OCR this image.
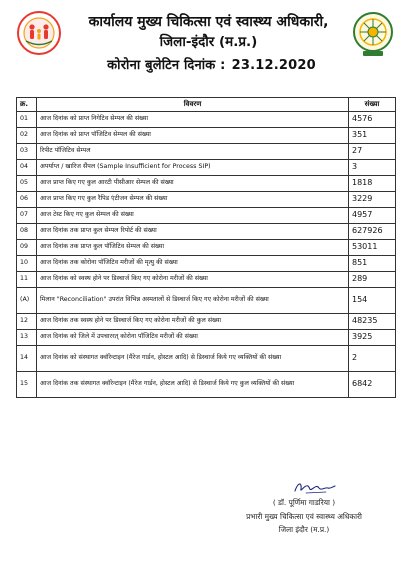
कार्यालय मुख्य चिकित्सा एवं स्वास्थ्य अधिकारी,
जिला-इंदौर (म.प्र.)
कोरोना बुलेटिन दिनांक : 23.12.2020
क्र.	विवरण	संख्या
01	आज दिनांक को प्राप्त निगेटिव सेम्पल की संख्या	4576
02	आज दिनांक को प्राप्त पॉजिटिव सेम्पल की संख्या	351
03	रिपीट पॉजिटिव सेम्पल	27
04	अपर्याप्त / खारिज सैंपल (Sample Insufficient for Process SIP)	3
05	आज प्राप्त किए गए कुल आरटी पीसीआर सेम्पल की संख्या	1818
06	आज प्राप्त किए गए कुल रैपिड एंटीजन सेम्पल की संख्या	3229
07	आज टेस्ट किए गए कुल सेम्पल की संख्या	4957
08	आज दिनांक तक प्राप्त कुल सेम्पल रिपोर्ट की संख्या	627926
09	आज दिनांक तक प्राप्त कुल पॉजिटिव सेम्पल की संख्या	53011
10	आज दिनांक तक कोरोना पॉजिटिव मरीजों की मृत्यु की संख्या	851
11	आज दिनांक को स्वस्थ होने पर डिस्चार्ज किए गए कोरोना मरीजों की संख्या	289
(A)	मिलान "Reconciliation" उपरांत विभिन्न अस्पतालों से डिस्चार्ज किए गए कोरोना मरीजों की संख्या	154
12	आज दिनांक तक स्वस्थ होने पर डिस्चार्ज किए गए कोरोना मरीजों की कुल संख्या	48235
13	आज दिनांक को जिले में उपचाररत् कोरोना पॉजिटिव मरीजों की संख्या	3925
14	आज दिनांक को संस्थागत क्वॉरेन्टाइन (मैरेज गार्डन, होस्टल आदि) से डिस्चार्ज किये गए व्यक्तियों की संख्या	2
15	आज दिनांक तक संस्थागत क्वॉरेन्टाइन (मैरेज गार्डन, होस्टल आदि) से डिस्चार्ज किये गए कुल व्यक्तियों की संख्या	6842
( डॉ. पूर्णिमा गाडरिया )
प्रभारी मुख्य चिकित्सा एवं स्वास्थ्य अधिकारी
जिला इंदौर (म.प्र.)
